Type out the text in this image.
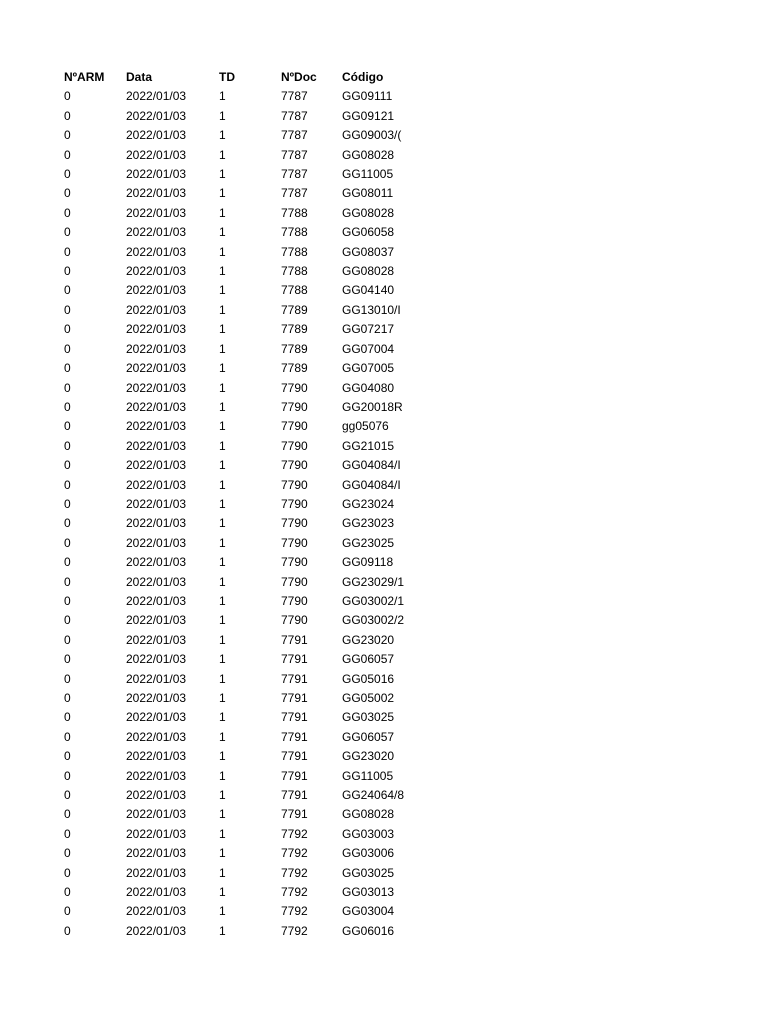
NºARM	Data	TD	NºDoc	Código
0	2022/01/03	1	7787	GG09111
0	2022/01/03	1	7787	GG09121
0	2022/01/03	1	7787	GG09003/(
0	2022/01/03	1	7787	GG08028
0	2022/01/03	1	7787	GG11005
0	2022/01/03	1	7787	GG08011
0	2022/01/03	1	7788	GG08028
0	2022/01/03	1	7788	GG06058
0	2022/01/03	1	7788	GG08037
0	2022/01/03	1	7788	GG08028
0	2022/01/03	1	7788	GG04140
0	2022/01/03	1	7789	GG13010/I
0	2022/01/03	1	7789	GG07217
0	2022/01/03	1	7789	GG07004
0	2022/01/03	1	7789	GG07005
0	2022/01/03	1	7790	GG04080
0	2022/01/03	1	7790	GG20018R
0	2022/01/03	1	7790	gg05076
0	2022/01/03	1	7790	GG21015
0	2022/01/03	1	7790	GG04084/I
0	2022/01/03	1	7790	GG04084/I
0	2022/01/03	1	7790	GG23024
0	2022/01/03	1	7790	GG23023
0	2022/01/03	1	7790	GG23025
0	2022/01/03	1	7790	GG09118
0	2022/01/03	1	7790	GG23029/1
0	2022/01/03	1	7790	GG03002/1
0	2022/01/03	1	7790	GG03002/2
0	2022/01/03	1	7791	GG23020
0	2022/01/03	1	7791	GG06057
0	2022/01/03	1	7791	GG05016
0	2022/01/03	1	7791	GG05002
0	2022/01/03	1	7791	GG03025
0	2022/01/03	1	7791	GG06057
0	2022/01/03	1	7791	GG23020
0	2022/01/03	1	7791	GG11005
0	2022/01/03	1	7791	GG24064/8
0	2022/01/03	1	7791	GG08028
0	2022/01/03	1	7792	GG03003
0	2022/01/03	1	7792	GG03006
0	2022/01/03	1	7792	GG03025
0	2022/01/03	1	7792	GG03013
0	2022/01/03	1	7792	GG03004
0	2022/01/03	1	7792	GG06016
